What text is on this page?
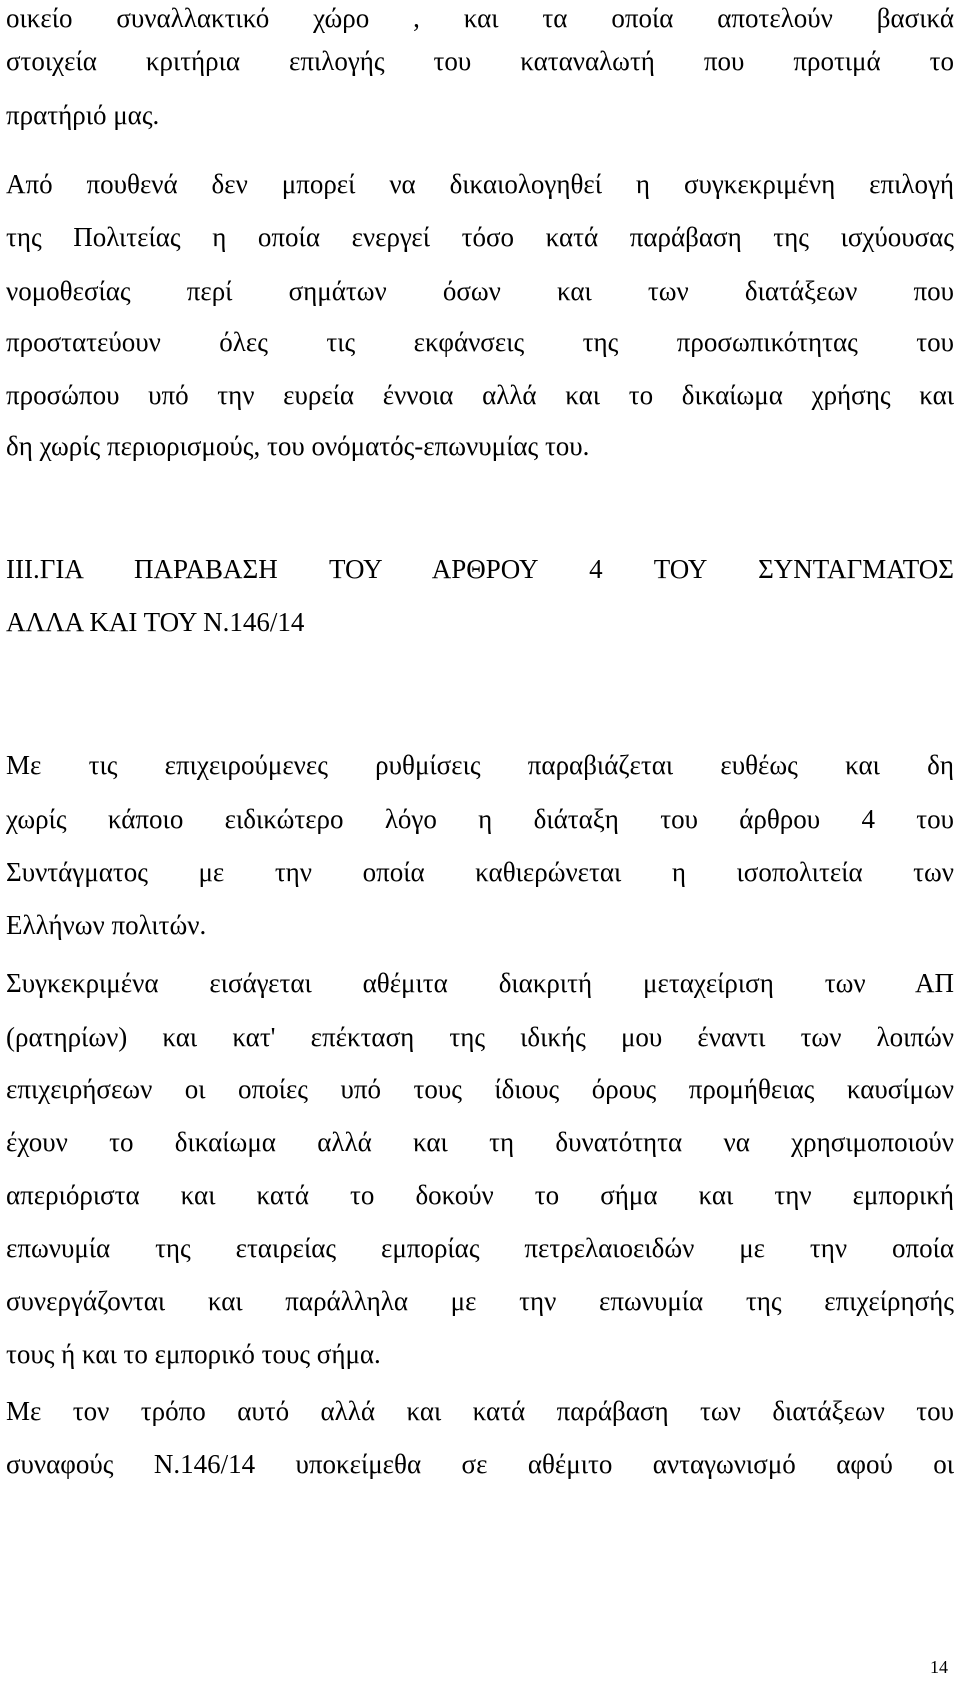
οικείο συναλλακτικό χώρο , και τα οποία αποτελούν βασικά
στοιχεία κριτήρια επιλογής του καταναλωτή που προτιμά το
πρατήριό μας.
Από πουθενά δεν μπορεί να δικαιολογηθεί η συγκεκριμένη επιλογή
της Πολιτείας η οποία ενεργεί τόσο κατά παράβαση της ισχύουσας
νομοθεσίας περί σημάτων όσων και των διατάξεων που
προστατεύουν όλες τις εκφάνσεις της προσωπικότητας του
προσώπου υπό την ευρεία έννοια αλλά και το δικαίωμα χρήσης και
δη χωρίς περιορισμούς, του ονόματός-επωνυμίας του.
III.ΓΙΑ ΠΑΡΑΒΑΣΗ ΤΟΥ ΑΡΘΡΟΥ 4 ΤΟΥ ΣΥΝΤΑΓΜΑΤΟΣ
ΑΛΛΑ ΚΑΙ ΤΟΥ Ν.146/14
Με τις επιχειρούμενες ρυθμίσεις παραβιάζεται ευθέως και δη
χωρίς κάποιο ειδικώτερο λόγο η διάταξη του άρθρου 4 του
Συντάγματος με την οποία καθιερώνεται η ισοπολιτεία των
Ελλήνων πολιτών.
Συγκεκριμένα εισάγεται αθέμιτα διακριτή μεταχείριση των ΑΠ
(ρατηρίων) και κατ' επέκταση της ιδικής μου έναντι των λοιπών
επιχειρήσεων οι οποίες υπό τους ίδιους όρους προμήθειας καυσίμων
έχουν το δικαίωμα αλλά και τη δυνατότητα να χρησιμοποιούν
απεριόριστα και κατά το δοκούν το σήμα και την εμπορική
επωνυμία της εταιρείας εμπορίας πετρελαιοειδών με την οποία
συνεργάζονται και παράλληλα με την επωνυμία της επιχείρησής
τους ή και το εμπορικό τους σήμα.
Με τον τρόπο αυτό αλλά και κατά παράβαση των διατάξεων του
συναφούς Ν.146/14 υποκείμεθα σε αθέμιτο ανταγωνισμό αφού οι
14
